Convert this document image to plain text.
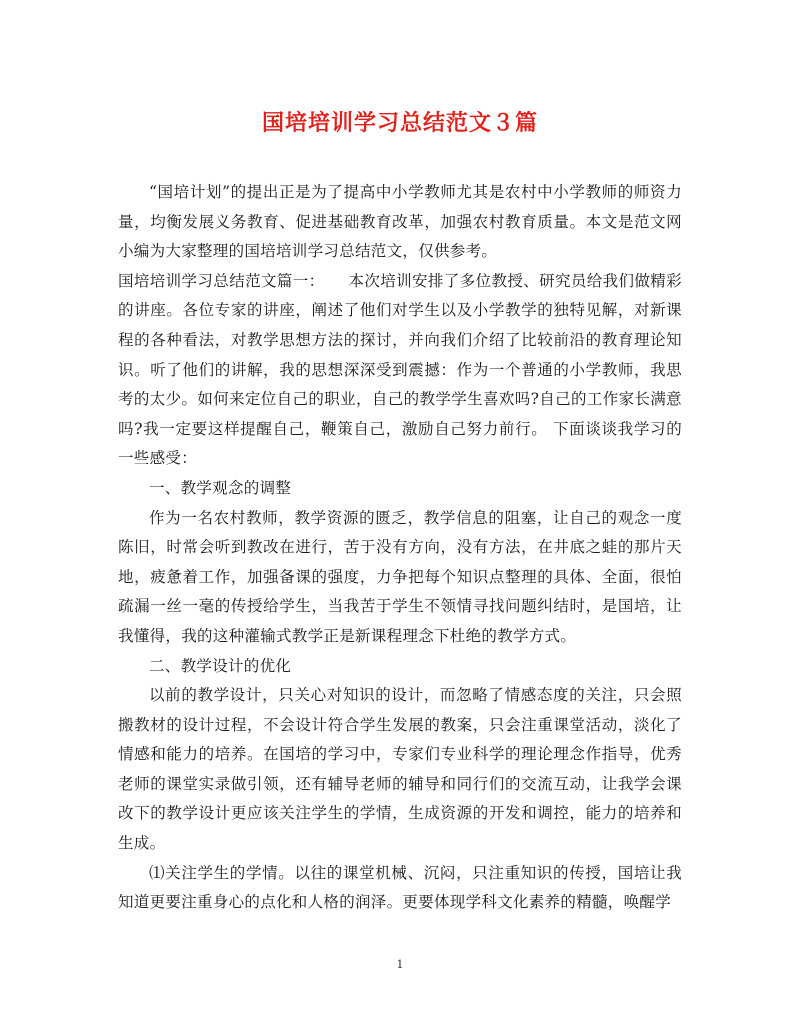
国培培训学习总结范文３篇

“国培计划”的提出正是为了提高中小学教师尤其是农村中小学教师的师资力量，均衡发展义务教育、促进基础教育改革，加强农村教育质量。本文是范文网小编为大家整理的国培培训学习总结范文，仅供参考。

国培培训学习总结范文篇一：　　本次培训安排了多位教授、研究员给我们做精彩的讲座。各位专家的讲座，阐述了他们对学生以及小学教学的独特见解，对新课程的各种看法，对教学思想方法的探讨，并向我们介绍了比较前沿的教育理论知识。听了他们的讲解，我的思想深深受到震撼：作为一个普通的小学教师，我思考的太少。如何来定位自己的职业，自己的教学学生喜欢吗?自己的工作家长满意吗?我一定要这样提醒自己，鞭策自己，激励自己努力前行。 下面谈谈我学习的一些感受：

一、教学观念的调整

作为一名农村教师，教学资源的匮乏，教学信息的阻塞，让自己的观念一度陈旧，时常会听到教改在进行，苦于没有方向，没有方法，在井底之蛙的那片天地，疲惫着工作，加强备课的强度，力争把每个知识点整理的具体、全面，很怕疏漏一丝一毫的传授给学生，当我苦于学生不领情寻找问题纠结时，是国培，让我懂得，我的这种灌输式教学正是新课程理念下杜绝的教学方式。

二、教学设计的优化

以前的教学设计，只关心对知识的设计，而忽略了情感态度的关注，只会照搬教材的设计过程，不会设计符合学生发展的教案，只会注重课堂活动，淡化了情感和能力的培养。在国培的学习中，专家们专业科学的理论理念作指导，优秀老师的课堂实录做引领，还有辅导老师的辅导和同行们的交流互动，让我学会课改下的教学设计更应该关注学生的学情，生成资源的开发和调控，能力的培养和生成。

⑴关注学生的学情。以往的课堂机械、沉闷，只注重知识的传授，国培让我知道更要注重身心的点化和人格的润泽。更要体现学科文化素养的精髓，唤醒学

1
